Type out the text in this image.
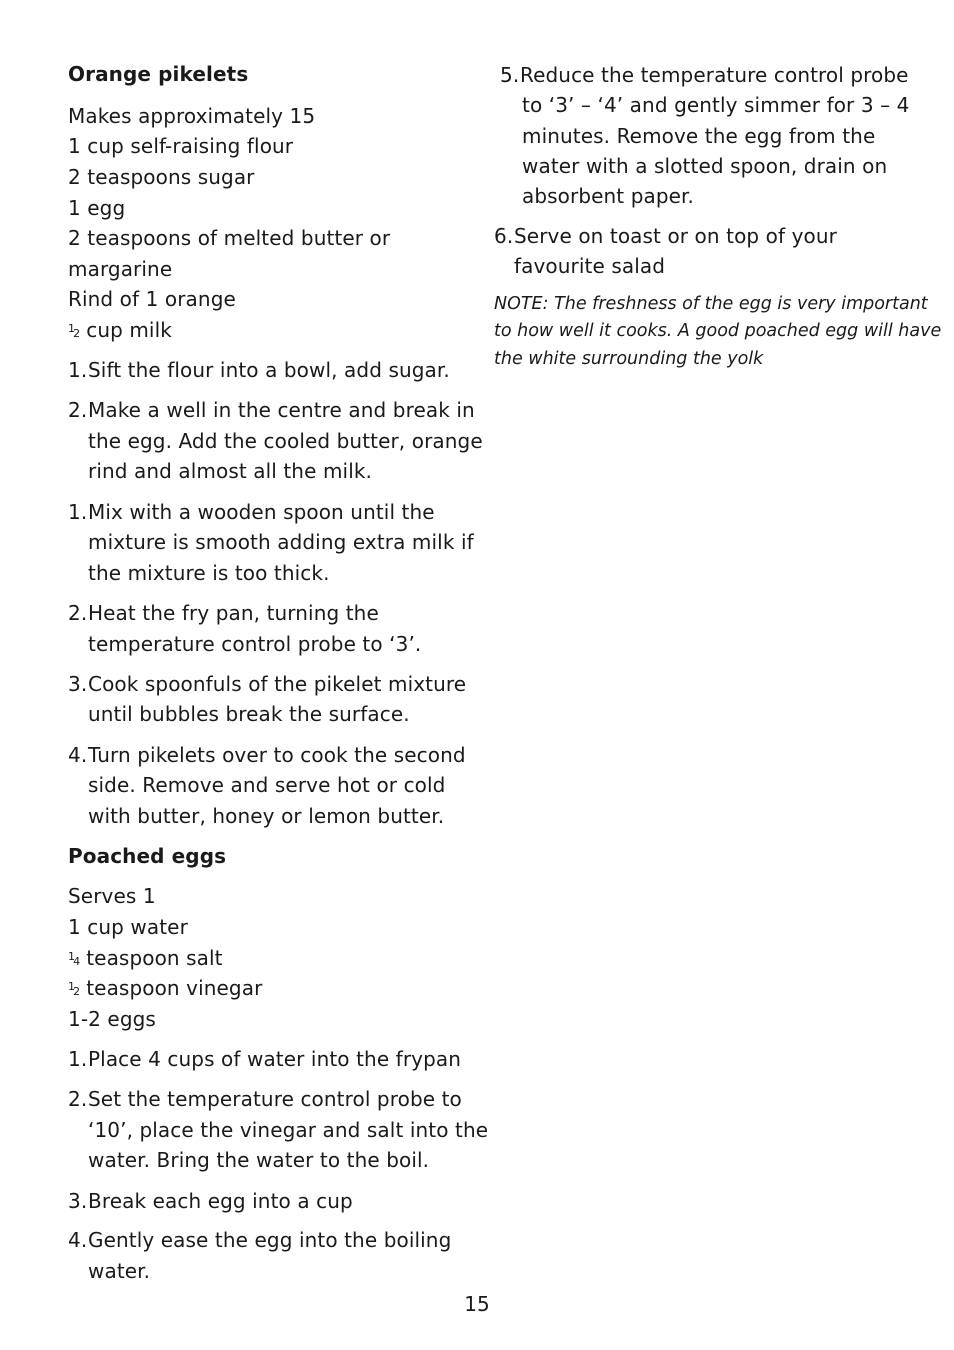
Orange pikelets
Makes approximately 15
1 cup self-raising flour
2 teaspoons sugar
1 egg
2 teaspoons of melted butter or
margarine
Rind of 1 orange
$^1$2 cup milk
1.Sift the flour into a bowl, add sugar.
2.Make a well in the centre and break in
the egg. Add the cooled butter, orange
rind and almost all the milk.
1.Mix with a wooden spoon until the
mixture is smooth adding extra milk if
the mixture is too thick.
2.Heat the fry pan, turning the
temperature control probe to ‘3’.
3.Cook spoonfuls of the pikelet mixture
until bubbles break the surface.
4.Turn pikelets over to cook the second
side. Remove and serve hot or cold
with butter, honey or lemon butter.
Poached eggs
Serves 1
1 cup water
$^1$4 teaspoon salt
$^1$2 teaspoon vinegar
1-2 eggs
1.Place 4 cups of water into the frypan
2.Set the temperature control probe to
‘10’, place the vinegar and salt into the
water. Bring the water to the boil.
3.Break each egg into a cup
4.Gently ease the egg into the boiling
water.
5.Reduce the temperature control probe
to ‘3’ – ‘4’ and gently simmer for 3 – 4
minutes. Remove the egg from the
water with a slotted spoon, drain on
absorbent paper.
6.Serve on toast or on top of your
favourite salad
NOTE: The freshness of the egg is very important
to how well it cooks. A good poached egg will have
the white surrounding the yolk
15
